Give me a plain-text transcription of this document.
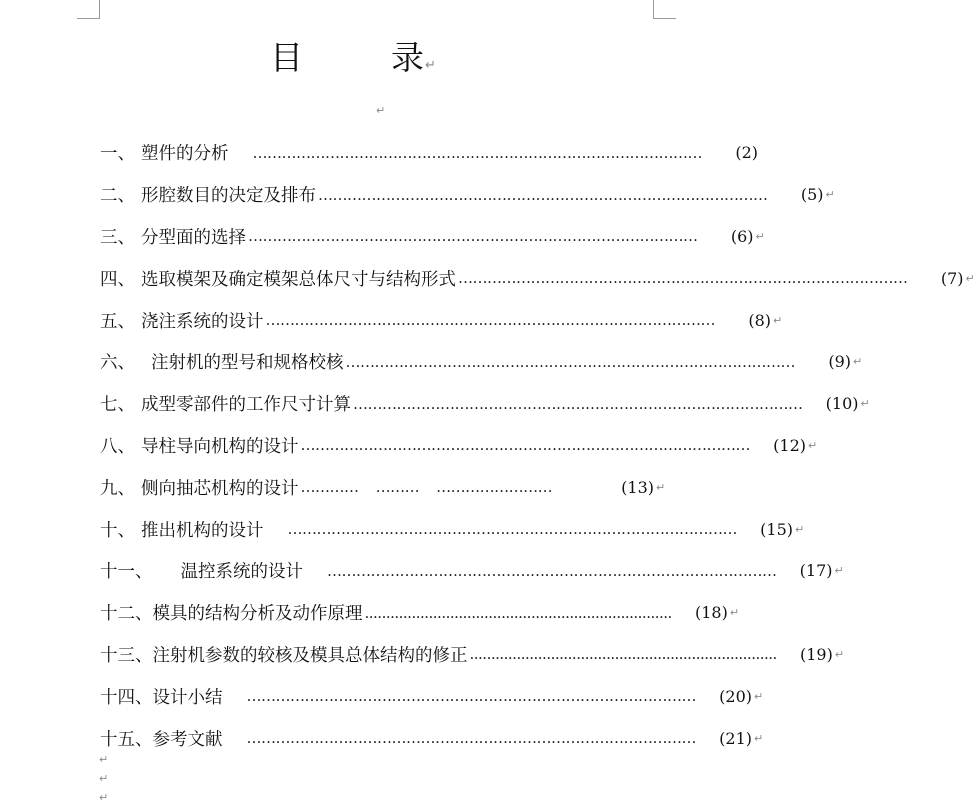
目	录↵
↵
一、 塑件的分析 …………………………………………………………………………………	(2)
二、 形腔数目的决定及排布 …………………………………………………………………………………	(5) ↵
三、 分型面的选择 …………………………………………………………………………………	(6) ↵
四、 选取模架及确定模架总体尺寸与结构形式 …………………………………………………………………………………	(7) ↵
五、 浇注系统的设计 …………………………………………………………………………………	(8) ↵
六、 注射机的型号和规格校核 …………………………………………………………………………………	(9) ↵
七、 成型零部件的工作尺寸计算 …………………………………………………………………………………	(10) ↵
八、 导柱导向机构的设计 …………………………………………………………………………………	(12) ↵
九、 侧向抽芯机构的设计 …………    ………    ……………………	(13) ↵
十、 推出机构的设计 …………………………………………………………………………………	(15) ↵
十一、 温控系统的设计 …………………………………………………………………………………	(17) ↵
十二、 模具的结构分析及动作原理 ........................................................................	(18) ↵
十三、 注射机参数的较核及模具总体结构的修正 ........................................................................	(19) ↵
十四、 设计小结 …………………………………………………………………………………	(20) ↵
十五、 参考文献 …………………………………………………………………………………	(21) ↵
↵
↵
↵
